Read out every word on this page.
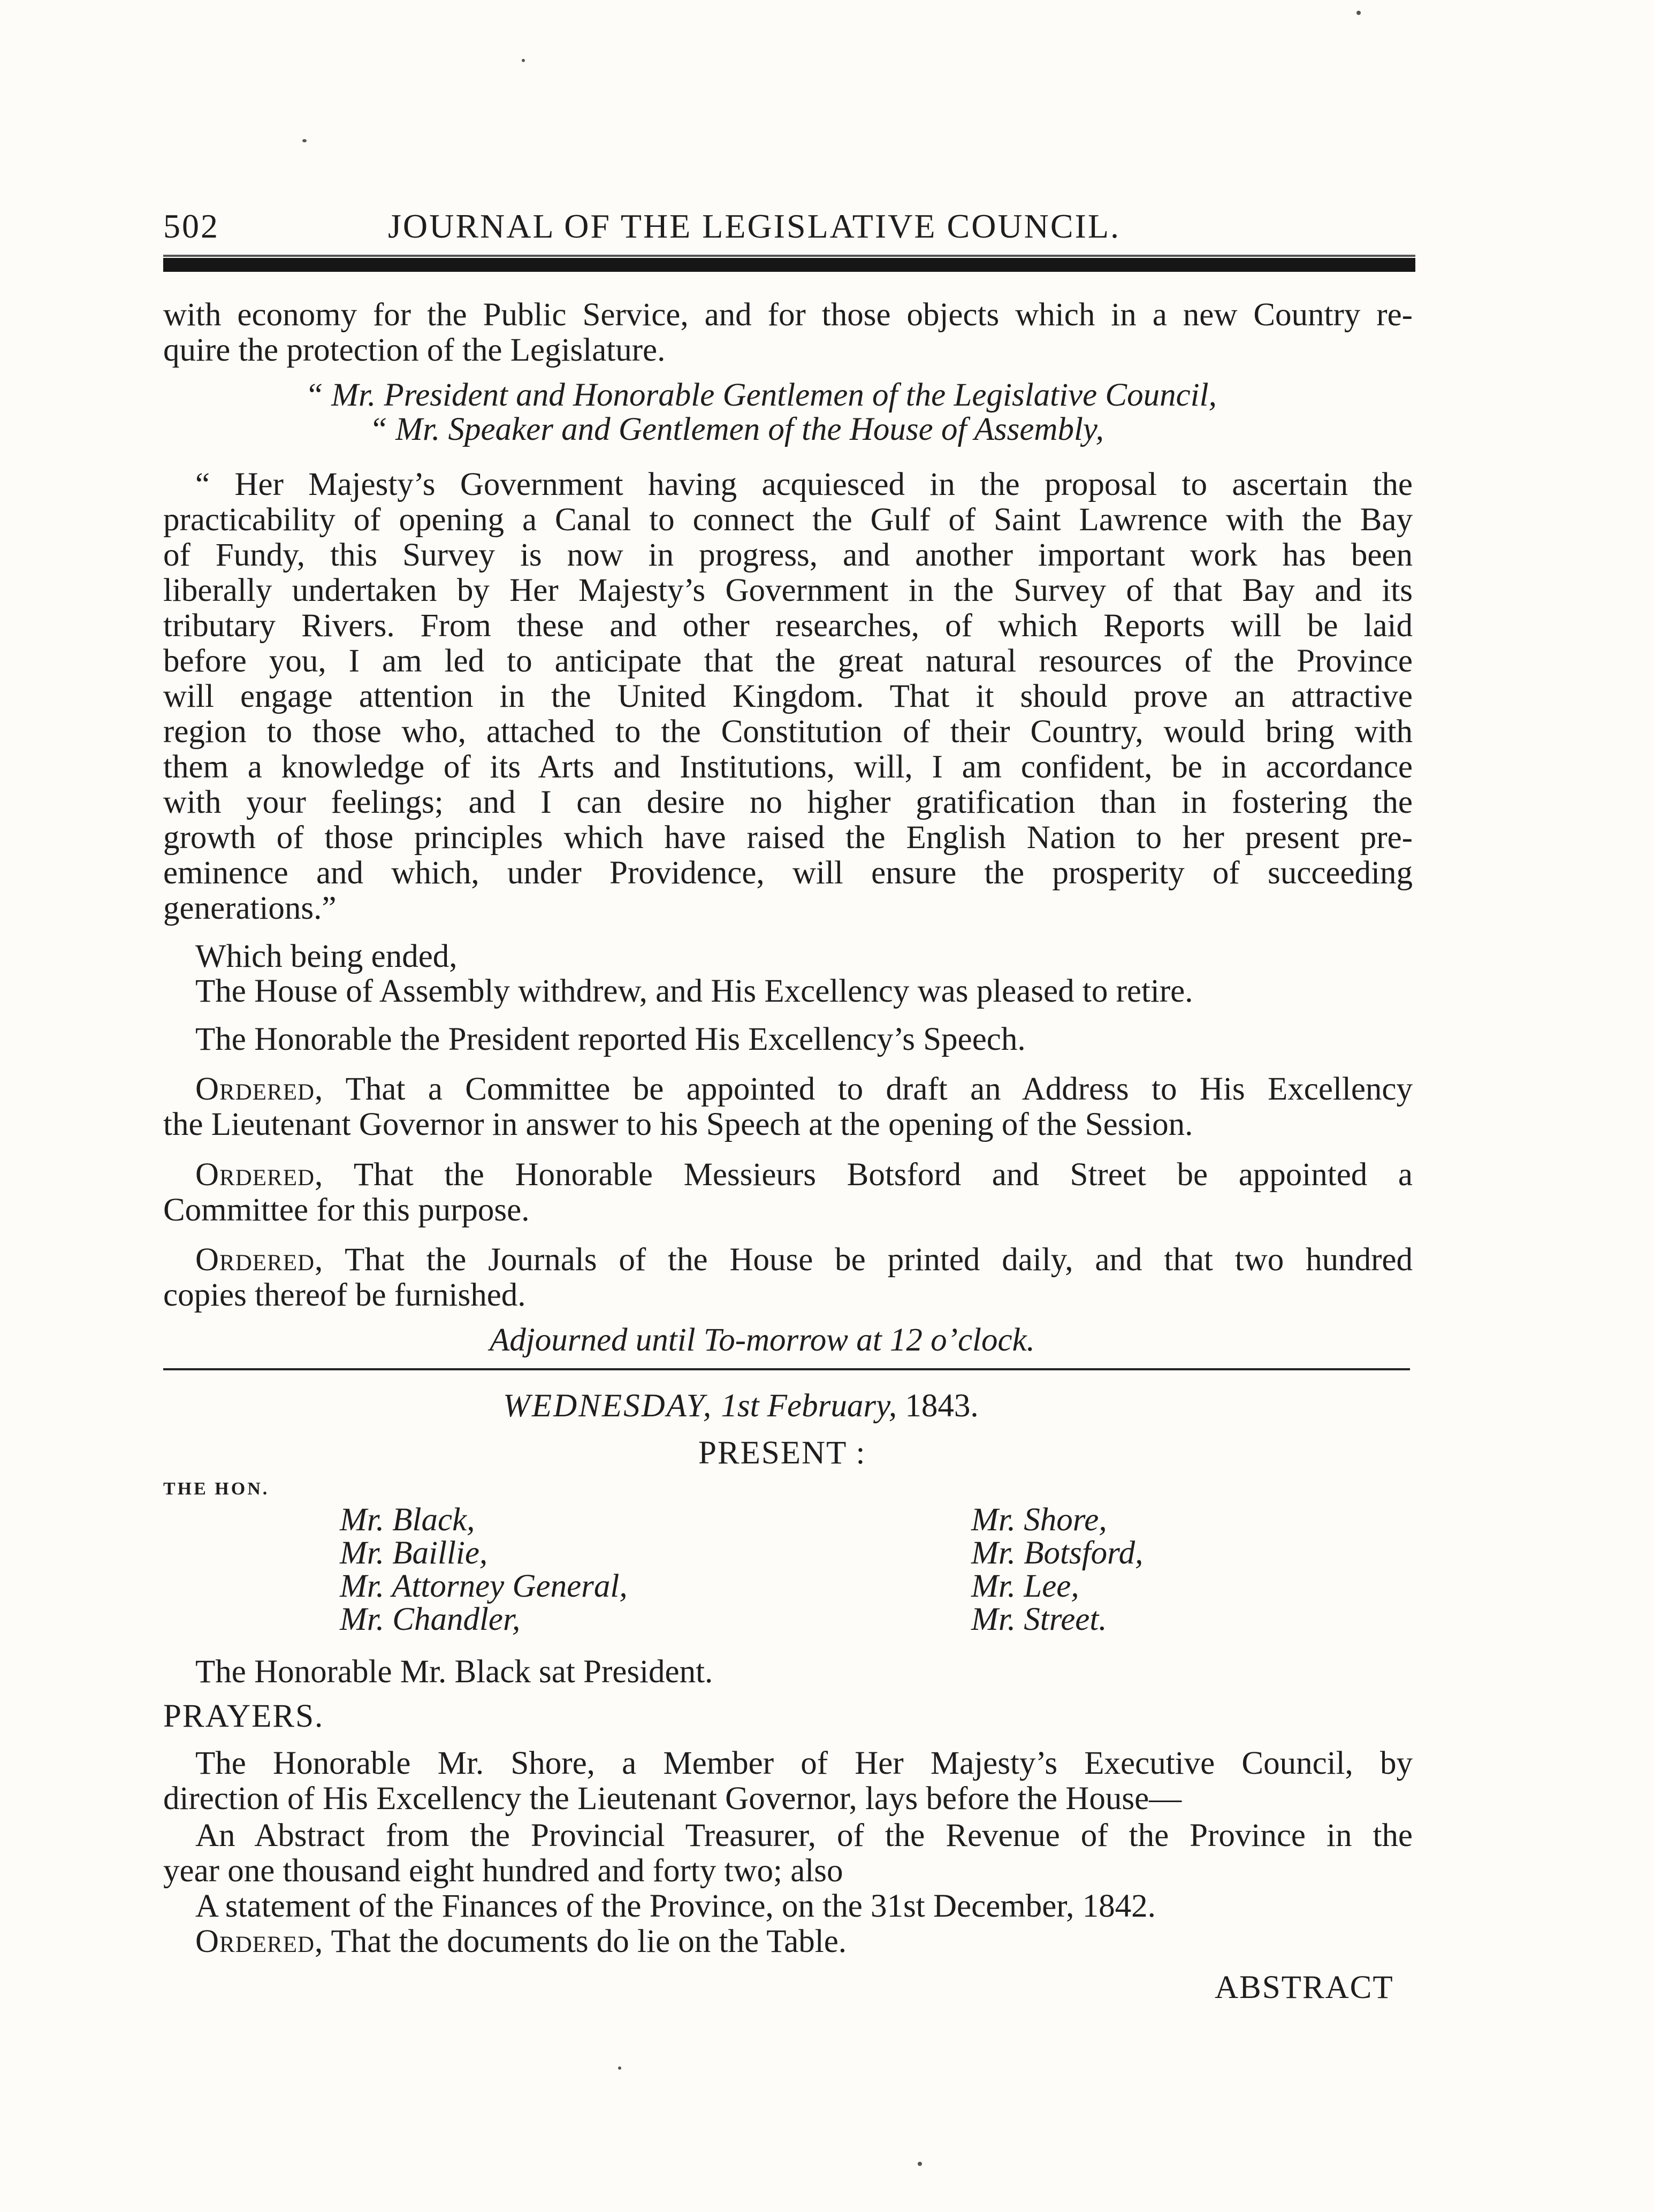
502	JOURNAL OF THE LEGISLATIVE COUNCIL.
with economy for the Public Service, and for those objects which in a new Country re-
quire the protection of the Legislature.
“ Mr. President and Honorable Gentlemen of the Legislative Council,
“ Mr. Speaker and Gentlemen of the House of Assembly,
“ Her Majesty’s Government having acquiesced in the proposal to ascertain the
practicability of opening a Canal to connect the Gulf of Saint Lawrence with the Bay
of Fundy, this Survey is now in progress, and another important work has been
liberally undertaken by Her Majesty’s Government in the Survey of that Bay and its
tributary Rivers. From these and other researches, of which Reports will be laid
before you, I am led to anticipate that the great natural resources of the Province
will engage attention in the United Kingdom. That it should prove an attractive
region to those who, attached to the Constitution of their Country, would bring with
them a knowledge of its Arts and Institutions, will, I am confident, be in accordance
with your feelings; and I can desire no higher gratification than in fostering the
growth of those principles which have raised the English Nation to her present pre-
eminence and which, under Providence, will ensure the prosperity of succeeding
generations.”
Which being ended,
The House of Assembly withdrew, and His Excellency was pleased to retire.
The Honorable the President reported His Excellency’s Speech.
Ordered, That a Committee be appointed to draft an Address to His Excellency
the Lieutenant Governor in answer to his Speech at the opening of the Session.
Ordered, That the Honorable Messieurs Botsford and Street be appointed a
Committee for this purpose.
Ordered, That the Journals of the House be printed daily, and that two hundred
copies thereof be furnished.
Adjourned until To-morrow at 12 o’clock.
WEDNESDAY, 1st February, 1843.
PRESENT :
THE HON.
Mr. Black,
Mr. Baillie,
Mr. Attorney General,
Mr. Chandler,
Mr. Shore,
Mr. Botsford,
Mr. Lee,
Mr. Street.
The Honorable Mr. Black sat President.
PRAYERS.
The Honorable Mr. Shore, a Member of Her Majesty’s Executive Council, by
direction of His Excellency the Lieutenant Governor, lays before the House—
An Abstract from the Provincial Treasurer, of the Revenue of the Province in the
year one thousand eight hundred and forty two; also
A statement of the Finances of the Province, on the 31st December, 1842.
Ordered, That the documents do lie on the Table.
ABSTRACT
